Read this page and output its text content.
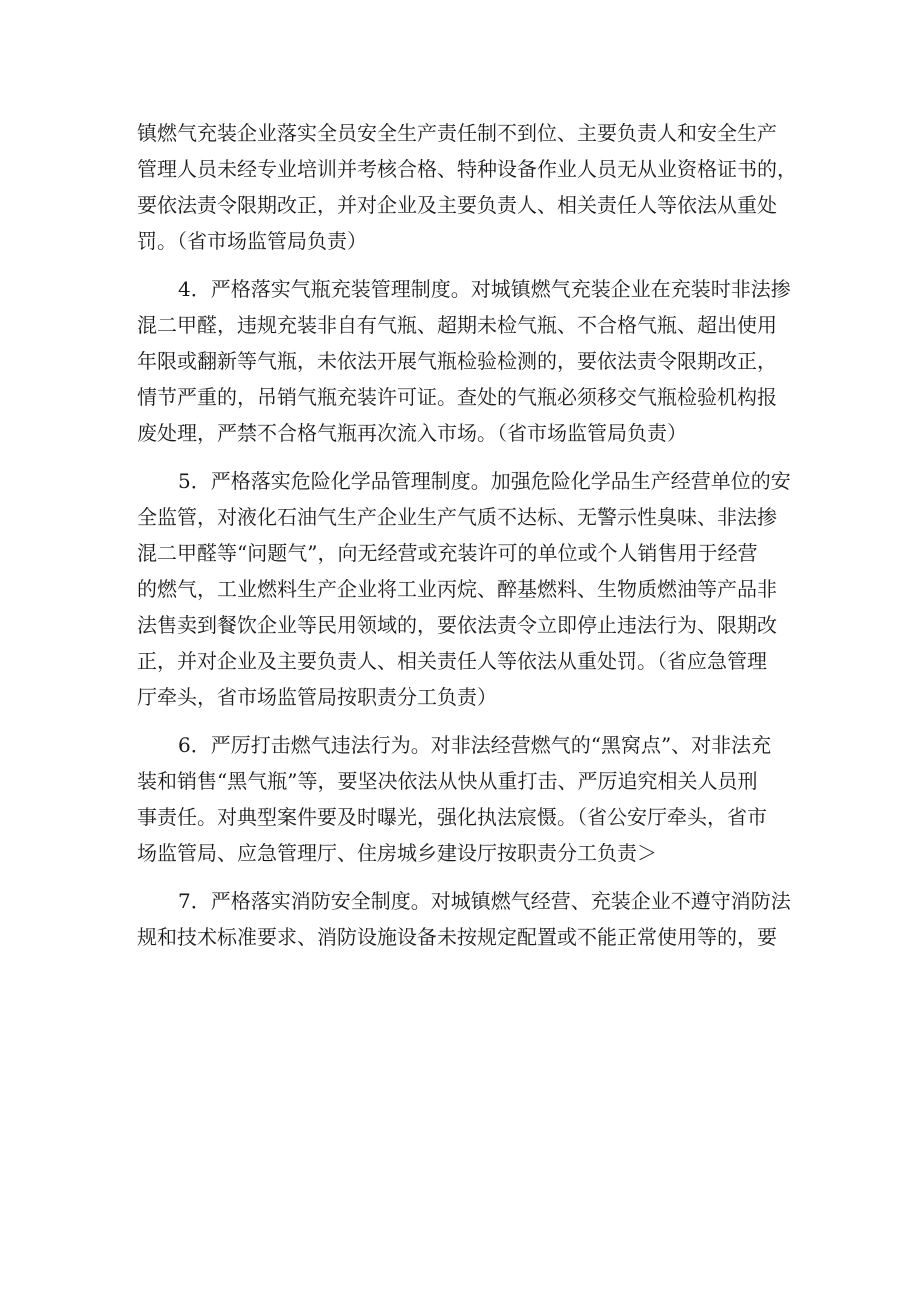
镇燃气充装企业落实全员安全生产责任制不到位、主要负责人和安全生产
管理人员未经专业培训并考核合格、特种设备作业人员无从业资格证书的，
要依法责令限期改正，并对企业及主要负责人、相关责任人等依法从重处
罚。（省市场监管局负责）
4．严格落实气瓶充装管理制度。对城镇燃气充装企业在充装时非法掺
混二甲醛，违规充装非自有气瓶、超期未检气瓶、不合格气瓶、超出使用
年限或翻新等气瓶，未依法开展气瓶检验检测的，要依法责令限期改正，
情节严重的，吊销气瓶充装许可证。查处的气瓶必须移交气瓶检验机构报
废处理，严禁不合格气瓶再次流入市场。（省市场监管局负责）
5．严格落实危险化学品管理制度。加强危险化学品生产经营单位的安
全监管，对液化石油气生产企业生产气质不达标、无警示性臭味、非法掺
混二甲醛等“问题气”，向无经营或充装许可的单位或个人销售用于经营
的燃气，工业燃料生产企业将工业丙烷、醉基燃料、生物质燃油等产品非
法售卖到餐饮企业等民用领域的，要依法责令立即停止违法行为、限期改
正，并对企业及主要负责人、相关责任人等依法从重处罚。（省应急管理
厅牵头，省市场监管局按职责分工负责）
6．严厉打击燃气违法行为。对非法经营燃气的“黑窝点”、对非法充
装和销售“黑气瓶”等，要坚决依法从快从重打击、严厉追究相关人员刑
事责任。对典型案件要及时曝光，强化执法宸慑。（省公安厅牵头，省市
场监管局、应急管理厅、住房城乡建设厅按职责分工负责＞
7．严格落实消防安全制度。对城镇燃气经营、充装企业不遵守消防法
规和技术标准要求、消防设施设备未按规定配置或不能正常使用等的，要
